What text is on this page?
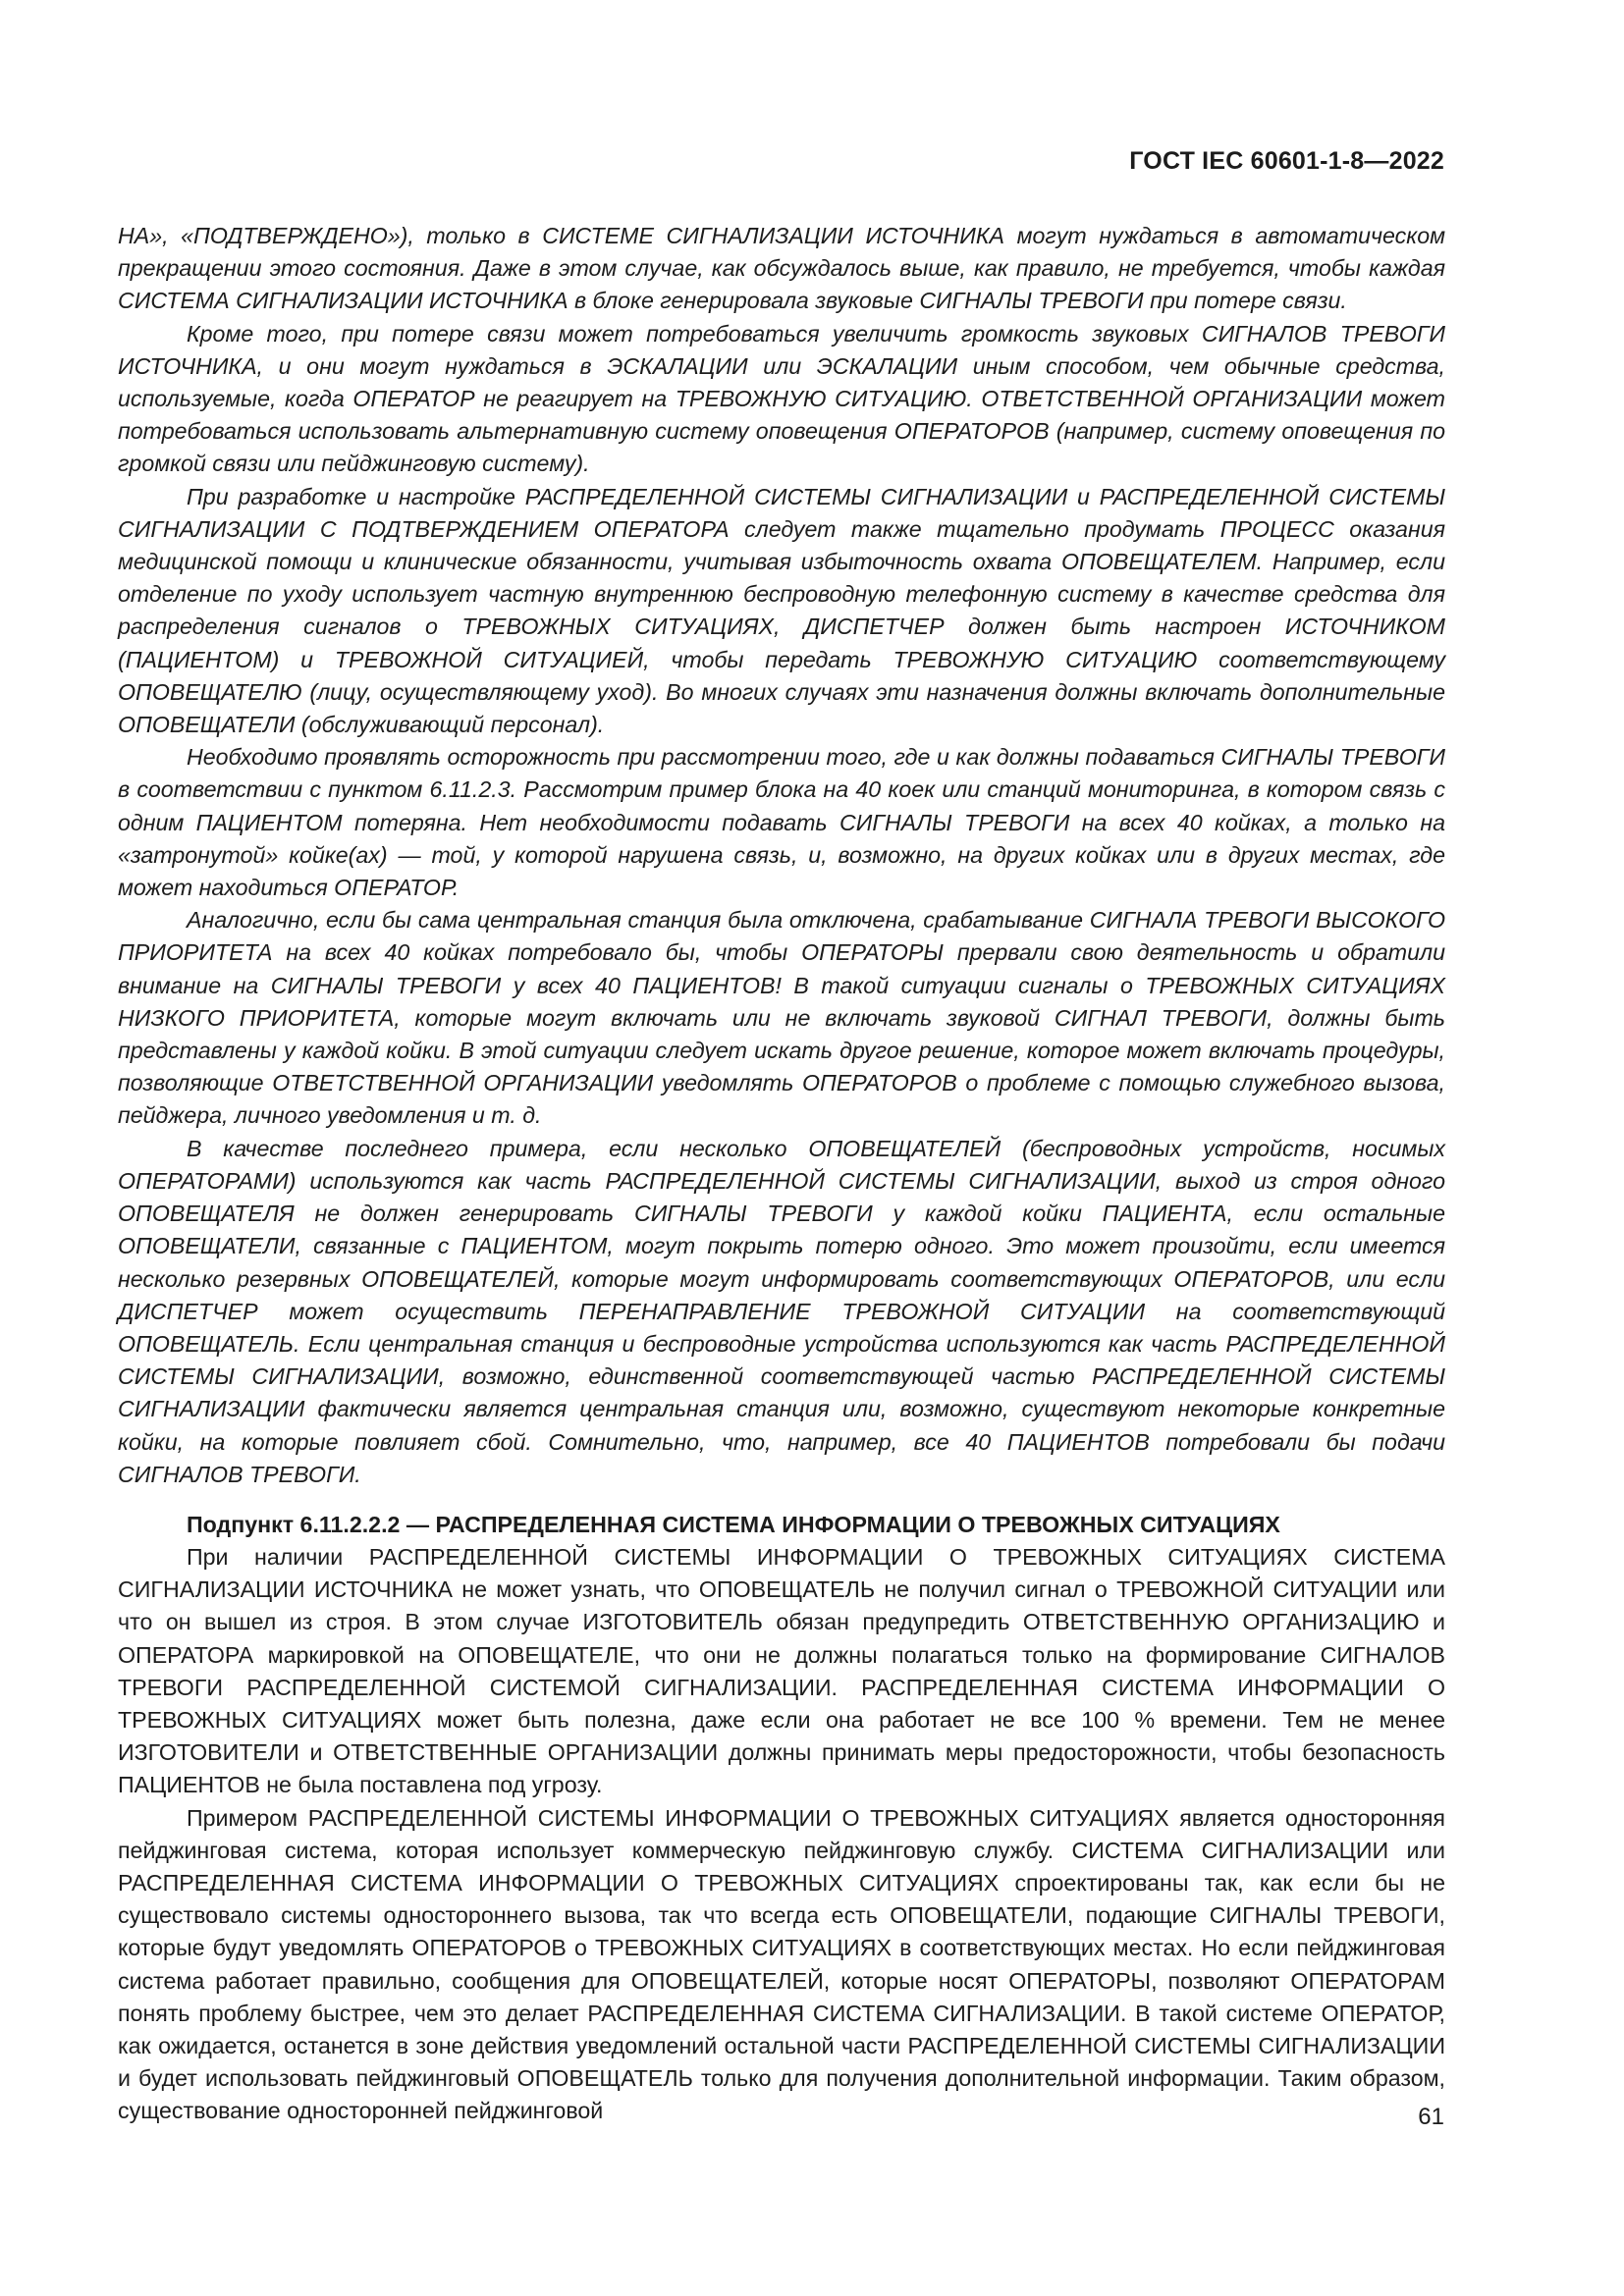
ГОСТ IEC 60601-1-8—2022

НА», «ПОДТВЕРЖДЕНО»), только в СИСТЕМЕ СИГНАЛИЗАЦИИ ИСТОЧНИКА могут нуждаться в автоматическом прекращении этого состояния. Даже в этом случае, как обсуждалось выше, как правило, не требуется, чтобы каждая СИСТЕМА СИГНАЛИЗАЦИИ ИСТОЧНИКА в блоке генерировала звуковые СИГНАЛЫ ТРЕВОГИ при потере связи.

Кроме того, при потере связи может потребоваться увеличить громкость звуковых СИГНАЛОВ ТРЕВОГИ ИСТОЧНИКА, и они могут нуждаться в ЭСКАЛАЦИИ или ЭСКАЛАЦИИ иным способом, чем обычные средства, используемые, когда ОПЕРАТОР не реагирует на ТРЕВОЖНУЮ СИТУАЦИЮ. ОТВЕТСТВЕННОЙ ОРГАНИЗАЦИИ может потребоваться использовать альтернативную систему оповещения ОПЕРАТОРОВ (например, систему оповещения по громкой связи или пейджинговую систему).

При разработке и настройке РАСПРЕДЕЛЕННОЙ СИСТЕМЫ СИГНАЛИЗАЦИИ и РАСПРЕДЕЛЕННОЙ СИСТЕМЫ СИГНАЛИЗАЦИИ С ПОДТВЕРЖДЕНИЕМ ОПЕРАТОРА следует также тщательно продумать ПРОЦЕСС оказания медицинской помощи и клинические обязанности, учитывая избыточность охвата ОПОВЕЩАТЕЛЕМ. Например, если отделение по уходу использует частную внутреннюю беспроводную телефонную систему в качестве средства для распределения сигналов о ТРЕВОЖНЫХ СИТУАЦИЯХ, ДИСПЕТЧЕР должен быть настроен ИСТОЧНИКОМ (ПАЦИЕНТОМ) и ТРЕВОЖНОЙ СИТУАЦИЕЙ, чтобы передать ТРЕВОЖНУЮ СИТУАЦИЮ соответствующему ОПОВЕЩАТЕЛЮ (лицу, осуществляющему уход). Во многих случаях эти назначения должны включать дополнительные ОПОВЕЩАТЕЛИ (обслуживающий персонал).

Необходимо проявлять осторожность при рассмотрении того, где и как должны подаваться СИГНАЛЫ ТРЕВОГИ в соответствии с пунктом 6.11.2.3. Рассмотрим пример блока на 40 коек или станций мониторинга, в котором связь с одним ПАЦИЕНТОМ потеряна. Нет необходимости подавать СИГНАЛЫ ТРЕВОГИ на всех 40 койках, а только на «затронутой» койке(ах) — той, у которой нарушена связь, и, возможно, на других койках или в других местах, где может находиться ОПЕРАТОР.

Аналогично, если бы сама центральная станция была отключена, срабатывание СИГНАЛА ТРЕВОГИ ВЫСОКОГО ПРИОРИТЕТА на всех 40 койках потребовало бы, чтобы ОПЕРАТОРЫ прервали свою деятельность и обратили внимание на СИГНАЛЫ ТРЕВОГИ у всех 40 ПАЦИЕНТОВ! В такой ситуации сигналы о ТРЕВОЖНЫХ СИТУАЦИЯХ НИЗКОГО ПРИОРИТЕТА, которые могут включать или не включать звуковой СИГНАЛ ТРЕВОГИ, должны быть представлены у каждой койки. В этой ситуации следует искать другое решение, которое может включать процедуры, позволяющие ОТВЕТСТВЕННОЙ ОРГАНИЗАЦИИ уведомлять ОПЕРАТОРОВ о проблеме с помощью служебного вызова, пейджера, личного уведомления и т. д.

В качестве последнего примера, если несколько ОПОВЕЩАТЕЛЕЙ (беспроводных устройств, носимых ОПЕРАТОРАМИ) используются как часть РАСПРЕДЕЛЕННОЙ СИСТЕМЫ СИГНАЛИЗАЦИИ, выход из строя одного ОПОВЕЩАТЕЛЯ не должен генерировать СИГНАЛЫ ТРЕВОГИ у каждой койки ПАЦИЕНТА, если остальные ОПОВЕЩАТЕЛИ, связанные с ПАЦИЕНТОМ, могут покрыть потерю одного. Это может произойти, если имеется несколько резервных ОПОВЕЩАТЕЛЕЙ, которые могут информировать соответствующих ОПЕРАТОРОВ, или если ДИСПЕТЧЕР может осуществить ПЕРЕНАПРАВЛЕНИЕ ТРЕВОЖНОЙ СИТУАЦИИ на соответствующий ОПОВЕЩАТЕЛЬ. Если центральная станция и беспроводные устройства используются как часть РАСПРЕДЕЛЕННОЙ СИСТЕМЫ СИГНАЛИЗАЦИИ, возможно, единственной соответствующей частью РАСПРЕДЕЛЕННОЙ СИСТЕМЫ СИГНАЛИЗАЦИИ фактически является центральная станция или, возможно, существуют некоторые конкретные койки, на которые повлияет сбой. Сомнительно, что, например, все 40 ПАЦИЕНТОВ потребовали бы подачи СИГНАЛОВ ТРЕВОГИ.

Подпункт 6.11.2.2.2 — РАСПРЕДЕЛЕННАЯ СИСТЕМА ИНФОРМАЦИИ О ТРЕВОЖНЫХ СИТУАЦИЯХ

При наличии РАСПРЕДЕЛЕННОЙ СИСТЕМЫ ИНФОРМАЦИИ О ТРЕВОЖНЫХ СИТУАЦИЯХ СИСТЕМА СИГНАЛИЗАЦИИ ИСТОЧНИКА не может узнать, что ОПОВЕЩАТЕЛЬ не получил сигнал о ТРЕВОЖНОЙ СИТУАЦИИ или что он вышел из строя. В этом случае ИЗГОТОВИТЕЛЬ обязан предупредить ОТВЕТСТВЕННУЮ ОРГАНИЗАЦИЮ и ОПЕРАТОРА маркировкой на ОПОВЕЩАТЕЛЕ, что они не должны полагаться только на формирование СИГНАЛОВ ТРЕВОГИ РАСПРЕДЕЛЕННОЙ СИСТЕМОЙ СИГНАЛИЗАЦИИ. РАСПРЕДЕЛЕННАЯ СИСТЕМА ИНФОРМАЦИИ О ТРЕВОЖНЫХ СИТУАЦИЯХ может быть полезна, даже если она работает не все 100 % времени. Тем не менее ИЗГОТОВИТЕЛИ и ОТВЕТСТВЕННЫЕ ОРГАНИЗАЦИИ должны принимать меры предосторожности, чтобы безопасность ПАЦИЕНТОВ не была поставлена под угрозу.

Примером РАСПРЕДЕЛЕННОЙ СИСТЕМЫ ИНФОРМАЦИИ О ТРЕВОЖНЫХ СИТУАЦИЯХ является односторонняя пейджинговая система, которая использует коммерческую пейджинговую службу. СИСТЕМА СИГНАЛИЗАЦИИ или РАСПРЕДЕЛЕННАЯ СИСТЕМА ИНФОРМАЦИИ О ТРЕВОЖНЫХ СИТУАЦИЯХ спроектированы так, как если бы не существовало системы одностороннего вызова, так что всегда есть ОПОВЕЩАТЕЛИ, подающие СИГНАЛЫ ТРЕВОГИ, которые будут уведомлять ОПЕРАТОРОВ о ТРЕВОЖНЫХ СИТУАЦИЯХ в соответствующих местах. Но если пейджинговая система работает правильно, сообщения для ОПОВЕЩАТЕЛЕЙ, которые носят ОПЕРАТОРЫ, позволяют ОПЕРАТОРАМ понять проблему быстрее, чем это делает РАСПРЕДЕЛЕННАЯ СИСТЕМА СИГНАЛИЗАЦИИ. В такой системе ОПЕРАТОР, как ожидается, останется в зоне действия уведомлений остальной части РАСПРЕДЕЛЕННОЙ СИСТЕМЫ СИГНАЛИЗАЦИИ и будет использовать пейджинговый ОПОВЕЩАТЕЛЬ только для получения дополнительной информации. Таким образом, существование односторонней пейджинговой	61
